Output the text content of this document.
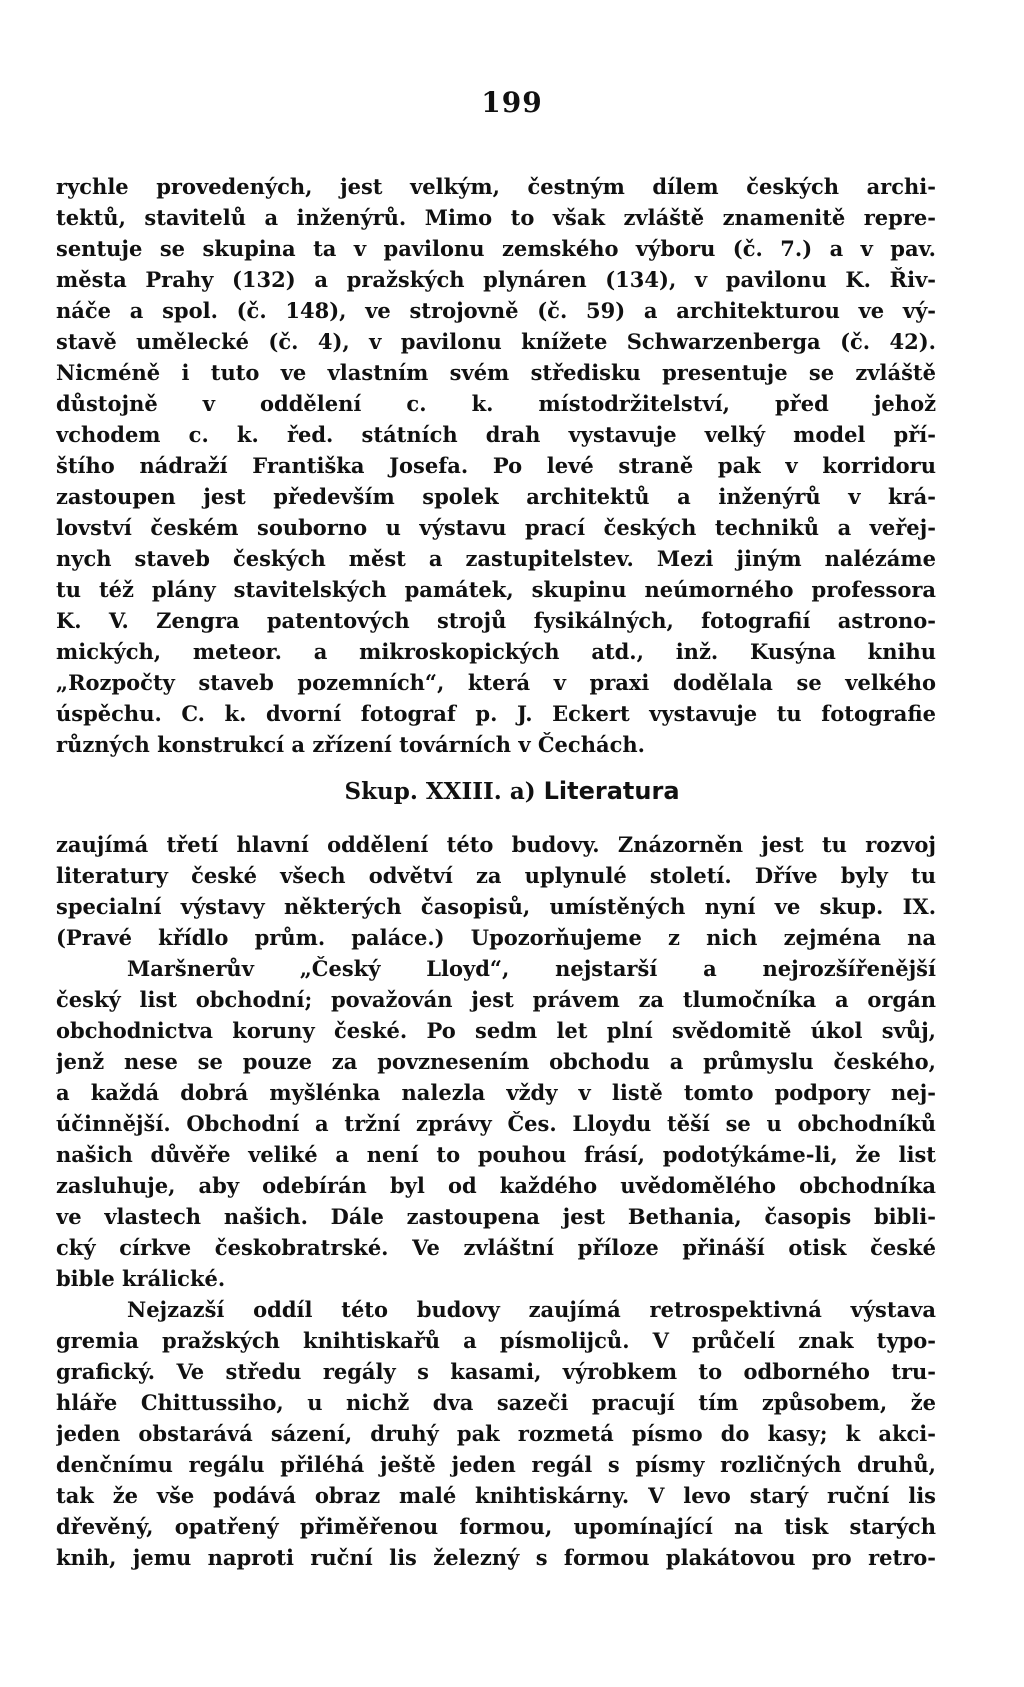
199
rychle provedených, jest velkým, čestným dílem českých archi-
tektů, stavitelů a inženýrů. Mimo to však zvláště znamenitě repre-
sentuje se skupina ta v pavilonu zemského výboru (č. 7.) a v pav.
města Prahy (132) a pražských plynáren (134), v pavilonu K. Řiv-
náče a spol. (č. 148), ve strojovně (č. 59) a architekturou ve vý-
stavě umělecké (č. 4), v pavilonu knížete Schwarzenberga (č. 42).
Nicméně i tuto ve vlastním svém středisku presentuje se zvláště
důstojně v oddělení c. k. místodržitelství, před jehož
vchodem c. k. řed. státních drah vystavuje velký model pří-
štího nádraží Františka Josefa. Po levé straně pak v korridoru
zastoupen jest především spolek architektů a inženýrů v krá-
lovství českém souborno u výstavu prací českých techniků a veřej-
nych staveb českých měst a zastupitelstev. Mezi jiným nalézáme
tu též plány stavitelských památek, skupinu neúmorného professora
K. V. Zengra patentových strojů fysikálných, fotografií astrono-
mických, meteor. a mikroskopických atd., inž. Kusýna knihu
„Rozpočty staveb pozemních“, která v praxi dodělala se velkého
úspěchu. C. k. dvorní fotograf p. J. Eckert vystavuje tu fotografie
různých konstrukcí a zřízení továrních v Čechách.
Skup. XXIII. a) Literatura
zaujímá třetí hlavní oddělení této budovy. Znázorněn jest tu rozvoj
literatury české všech odvětví za uplynulé století. Dříve byly tu
specialní výstavy některých časopisů, umístěných nyní ve skup. IX.
(Pravé křídlo prům. paláce.) Upozorňujeme z nich zejména na
Maršnerův „Český Lloyd“, nejstarší a nejrozšířenější
český list obchodní; považován jest právem za tlumočníka a orgán
obchodnictva koruny české. Po sedm let plní svědomitě úkol svůj,
jenž nese se pouze za povznesením obchodu a průmyslu českého,
a každá dobrá myšlénka nalezla vždy v listě tomto podpory nej-
účinnější. Obchodní a tržní zprávy Čes. Lloydu těší se u obchodníků
našich důvěře veliké a není to pouhou frásí, podotýkáme-li, že list
zasluhuje, aby odebírán byl od každého uvědomělého obchodníka
ve vlastech našich. Dále zastoupena jest Bethania, časopis bibli-
cký církve českobratrské. Ve zvláštní příloze přináší otisk české
bible králické.
Nejzazší oddíl této budovy zaujímá retrospektivná výstava
gremia pražských knihtiskařů a písmolijců. V průčelí znak typo-
grafický. Ve středu regály s kasami, výrobkem to odborného tru-
hláře Chittussiho, u nichž dva sazeči pracují tím způsobem, že
jeden obstarává sázení, druhý pak rozmetá písmo do kasy; k akci-
denčnímu regálu přiléhá ještě jeden regál s písmy rozličných druhů,
tak že vše podává obraz malé knihtiskárny. V levo starý ruční lis
dřevěný, opatřený přiměřenou formou, upomínající na tisk starých
knih, jemu naproti ruční lis železný s formou plakátovou pro retro-
